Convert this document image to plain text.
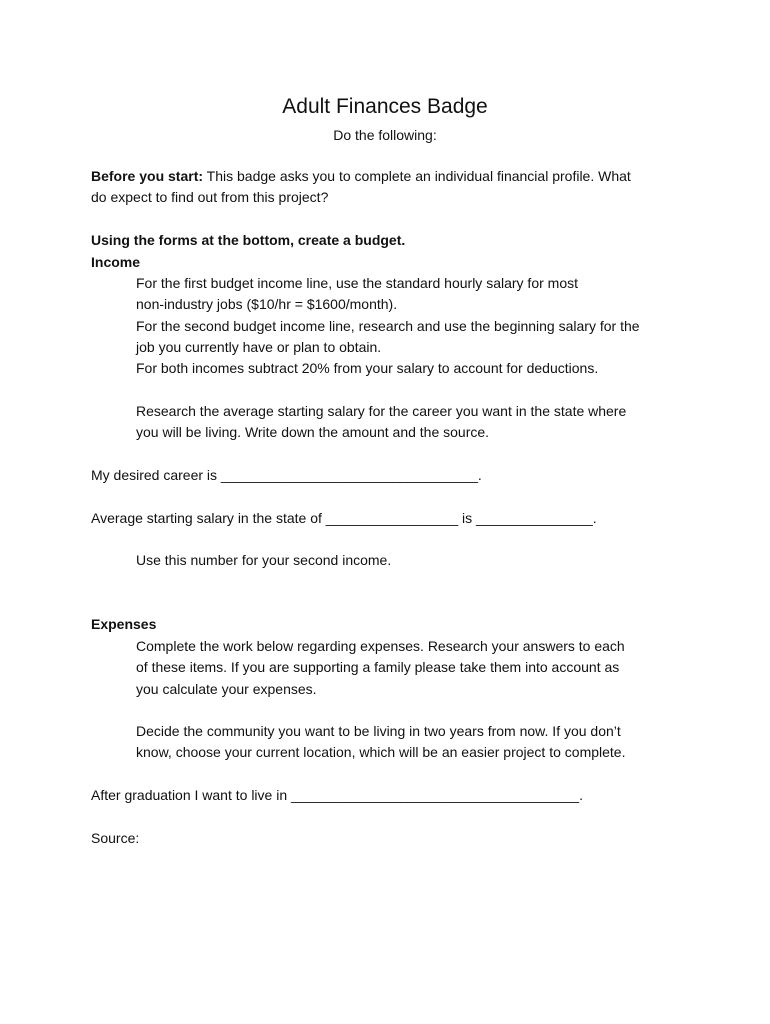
Adult Finances Badge
Do the following:

Before you start: This badge asks you to complete an individual financial profile. What

do expect to find out from this project?

Using the forms at the bottom, create a budget.
Income

For the first budget income line, use the standard hourly salary for most

non-industry jobs ($10/hr = $1600/month).

For the second budget income line, research and use the beginning salary for the

job you currently have or plan to obtain.

For both incomes subtract 20% from your salary to account for deductions.

Research the average starting salary for the career you want in the state where

you will be living. Write down the amount and the source.

My desired career is _________________________________.
Average starting salary in the state of _________________ is _______________.
Use this number for your second income.
Expenses

Complete the work below regarding expenses. Research your answers to each

of these items. If you are supporting a family please take them into account as

you calculate your expenses.

Decide the community you want to be living in two years from now. If you don’t

know, choose your current location, which will be an easier project to complete.

After graduation I want to live in _____________________________________.
Source:
